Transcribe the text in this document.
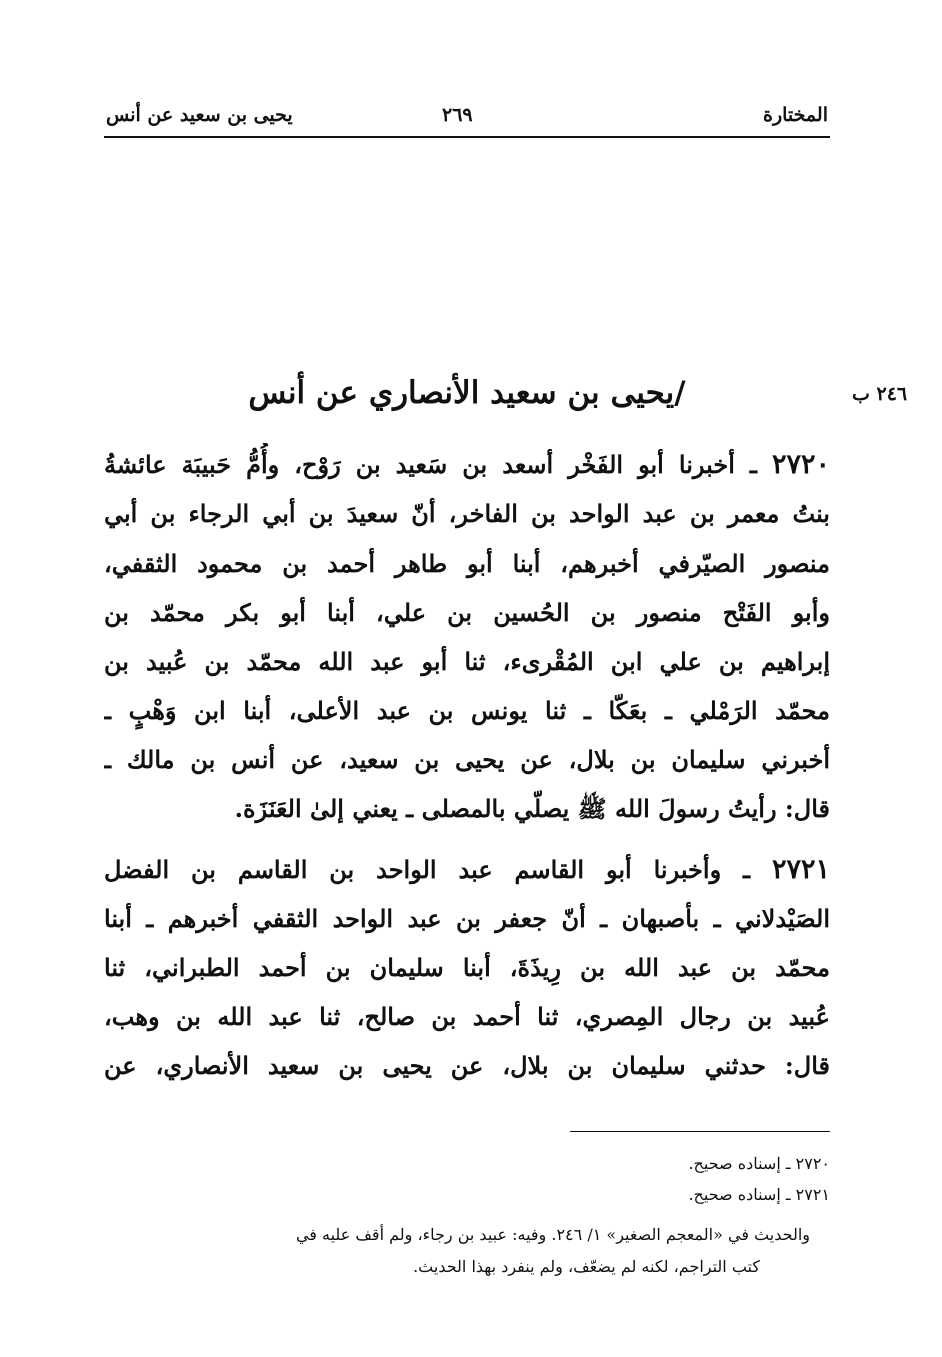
المختارة
٢٦٩
يحيى بن سعيد عن أنس
٢٤٦ ب
/يحيى بن سعيد الأنصاري عن أنس
٢٧٢٠ ـ أخبرنا أبو الفَخْر أسعد بن سَعيد بن رَوْح، وأُمُّ حَبيبَة عائشةُ
بنتُ معمر بن عبد الواحد بن الفاخر، أنّ سعيدَ بن أبي الرجاء بن أبي
منصور الصيّرفي أخبرهم، أبنا أبو طاهر أحمد بن محمود الثقفي،
وأبو الفَتْح منصور بن الحُسين بن علي، أبنا أبو بكر محمّد بن
إبراهيم بن علي ابن المُقْرىء، ثنا أبو عبد الله محمّد بن عُبيد بن
محمّد الرَمْلي ـ بعَكّا ـ ثنا يونس بن عبد الأعلى، أبنا ابن وَهْبٍ ـ
أخبرني سليمان بن بلال، عن يحيى بن سعيد، عن أنس بن مالك ـ
قال: رأيتُ رسولَ الله ﷺ يصلّي بالمصلى ـ يعني إلىٰ العَنَزَة.
٢٧٢١ ـ وأخبرنا أبو القاسم عبد الواحد بن القاسم بن الفضل
الصَيْدلاني ـ بأصبهان ـ أنّ جعفر بن عبد الواحد الثقفي أخبرهم ـ أبنا
محمّد بن عبد الله بن رِيذَةَ، أبنا سليمان بن أحمد الطبراني، ثنا
عُبيد بن رجال المِصري، ثنا أحمد بن صالح، ثنا عبد الله بن وهب،
قال: حدثني سليمان بن بلال، عن يحيى بن سعيد الأنصاري، عن
٢٧٢٠ ـ إسناده صحيح.
٢٧٢١ ـ إسناده صحيح.
والحديث في «المعجم الصغير» ١/ ٢٤٦. وفيه: عبيد بن رجاء، ولم أقف عليه في
كتب التراجم، لكنه لم يضعّف، ولم ينفرد بهذا الحديث.
